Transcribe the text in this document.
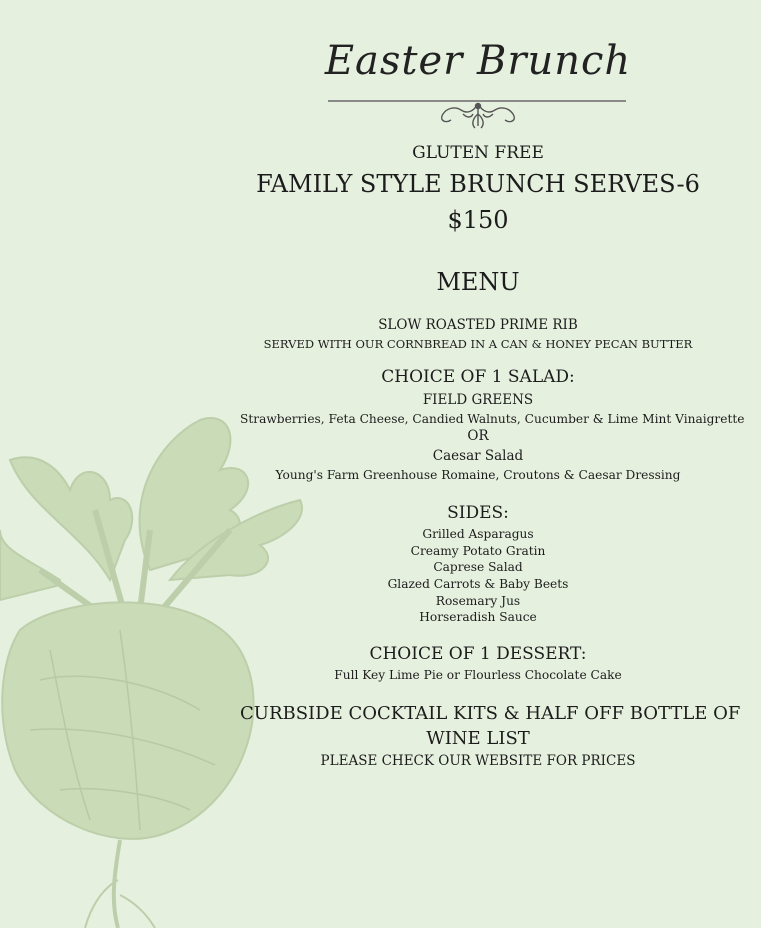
Easter Brunch
GLUTEN FREE
FAMILY STYLE BRUNCH SERVES-6
$150
MENU
SLOW ROASTED PRIME RIB
SERVED WITH OUR CORNBREAD IN A CAN & HONEY PECAN BUTTER
CHOICE OF 1 SALAD:
FIELD GREENS
Strawberries, Feta Cheese, Candied Walnuts, Cucumber & Lime Mint Vinaigrette
OR
Caesar Salad
Young's Farm Greenhouse Romaine, Croutons & Caesar Dressing
SIDES:
Grilled Asparagus
Creamy Potato Gratin
Caprese Salad
Glazed Carrots & Baby Beets
Rosemary Jus
Horseradish Sauce
CHOICE OF 1 DESSERT:
Full Key Lime Pie or Flourless Chocolate Cake
CURBSIDE COCKTAIL KITS & HALF OFF BOTTLE OF
WINE LIST
PLEASE CHECK OUR WEBSITE FOR PRICES
